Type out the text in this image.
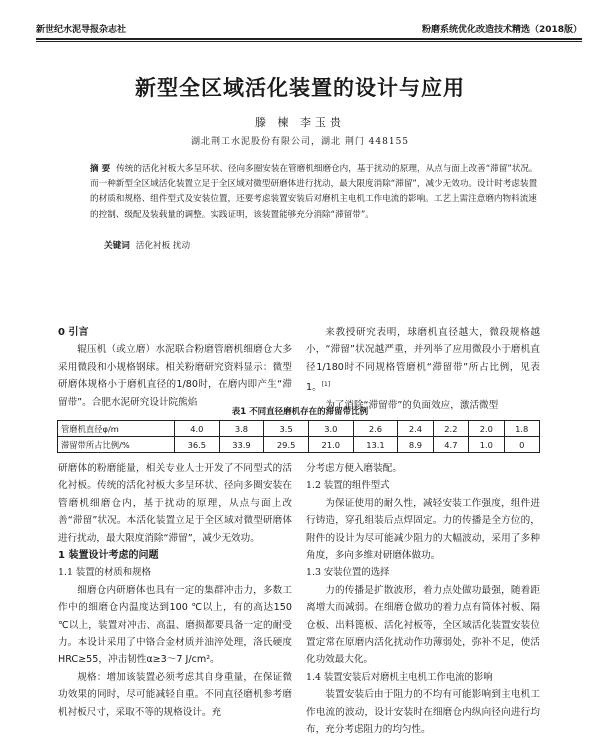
新世纪水泥导报杂志社	粉磨系统优化改造技术精选（2018版）
新型全区域活化装置的设计与应用
滕 楝 李玉贵
湖北荆工水泥股份有限公司，湖北 荆门 448155
摘 要 传统的活化衬板大多呈环状、径向多圈安装在管磨机细磨仓内，基于扰动的原理，从点与面上改善“滞留”状况。而一种新型全区域活化装置立足于全区域对微型研磨体进行扰动，最大限度消除“滞留”，减少无效功。设计时考虑装置的材质和规格、组件型式及安装位置，还要考虑装置安装后对磨机主电机工作电流的影响。工艺上需注意磨内物料流速的控制、级配及装载量的调整。实践证明，该装置能够充分消除“滞留带”。
关键词 活化衬板 扰动

0 引言

辊压机（或立磨）水泥联合粉磨管磨机细磨仓大多采用微段和小规格钢球。相关粉磨研究资料显示：微型研磨体规格小于磨机直径的1/80时，在磨内即产生“滞留带”。合肥水泥研究设计院熊焰

来教授研究表明，球磨机直径越大，微段规格越小，“滞留”状况越严重，并列举了应用微段小于磨机直径1/180时不同规格管磨机“滞留带”所占比例，见表1。[1]

为了消除“滞留带”的负面效应，激活微型

表1 不同直径磨机存在的滞留带比例
管磨机直径φ/m	4.0	3.8	3.5	3.0	2.6	2.4	2.2	2.0	1.8
滞留带所占比例/%	36.5	33.9	29.5	21.0	13.1	8.9	4.7	1.0	0

研磨体的粉磨能量，相关专业人士开发了不同型式的活化衬板。传统的活化衬板大多呈环状、径向多圈安装在管磨机细磨仓内，基于扰动的原理，从点与面上改善“滞留”状况。本活化装置立足于全区域对微型研磨体进行扰动，最大限度消除“滞留”，减少无效功。

1 装置设计考虑的问题

1.1 装置的材质和规格

细磨仓内研磨体也具有一定的集群冲击力，多数工作中的细磨仓内温度达到100 ℃以上，有的高达150 ℃以上，装置对冲击、高温、磨损都要具备一定的耐受力。本设计采用了中铬合金材质并油淬处理，洛氏硬度HRC≥55，冲击韧性α≥3～7 J/cm²。

规格：增加该装置必须考虑其自身重量，在保证微功效果的同时，尽可能减轻自重。不同直径磨机参考磨机衬板尺寸，采取不等的规格设计。充

分考虑方便入磨装配。

1.2 装置的组件型式

为保证使用的耐久性，减轻安装工作强度，组件进行铸造，穿孔组装后点焊固定。力的传播是全方位的，附件的设计为尽可能减少阻力的大幅波动，采用了多种角度，多向多维对研磨体做功。

1.3 安装位置的选择

力的传播是扩散波形，着力点处做功最强，随着距离增大而减弱。在细磨仓做功的着力点有筒体衬板、隔仓板、出料篦板、活化衬板等，全区域活化装置安装位置定常在原磨内活化扰动作功薄弱处，弥补不足，使活化功效最大化。

1.4 装置安装后对磨机主电机工作电流的影响

装置安装后由于阻力的不均有可能影响到主电机工作电流的波动，设计安装时在细磨仓内纵向径向进行均布，充分考虑阻力的均匀性。
